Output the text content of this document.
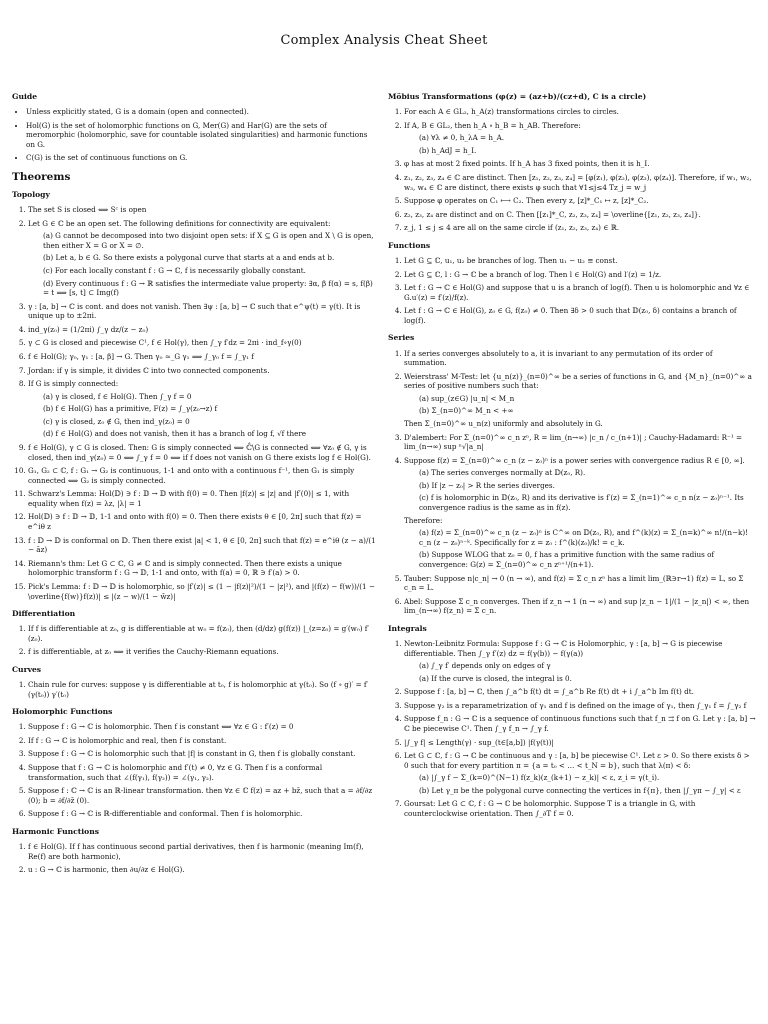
Complex Analysis Cheat Sheet
Guide
• Unless explicitly stated, G is a domain (open and connected).
• Hol(G) is the set of holomorphic functions on G, Mer(G) and Har(G) are the sets of meromorphic (holomorphic, save for countable isolated singularities) and harmonic functions on G.
• C(G) is the set of continuous functions on G.
Theorems
Topology
1. The set S is closed ⟺ Sᶜ is open
2. Let G ∈ ℂ be an open set. The following definitions for connectivity are equivalent:
(a) G cannot be decomposed into two disjoint open sets: if X ⊆ G is open and X \ G is open, then either X = G or X = ∅.
(b) Let a, b ∈ G. So there exists a polygonal curve that starts at a and ends at b.
(c) For each locally constant f : G → ℂ, f is necessarily globally constant.
(d) Every continuous f : G → ℝ satisfies the intermediate value property: ∃α, β f(α) = s, f(β) = t ⟹ [s, t] ⊂ Img(f)
3. γ : [a, b] → ℂ is cont. and does not vanish. Then ∃ψ : [a, b] → ℂ such that e^ψ(t) = γ(t). It is unique up to ±2πi.
4. ind_γ(z₀) = (1/2πi) ∫_γ dz/(z − z₀)
5. γ ⊂ G is closed and piecewise C¹, f ∈ Hol(γ), then ∫_γ f′dz = 2πi · ind_f∘γ(0)
6. f ∈ Hol(G); γ₀, γ₁ : [a, β] → G. Then γ₀ ≃_G γ₁ ⟹ ∫_γ₀ f = ∫_γ₁ f
7. Jordan: if γ is simple, it divides ℂ into two connected components.
8. If G is simply connected:
(a) γ is closed, f ∈ Hol(G). Then ∫_γ f = 0
(b) f ∈ Hol(G) has a primitive, F(z) = ∫_γ(z₀→z) f
(c) γ is closed, z₀ ∉ G, then ind_γ(z₀) = 0
(d) f ∈ Hol(G) and does not vanish, then it has a branch of log f, √f there
9. f ∈ Hol(G), γ ⊂ G is closed. Then: G is simply connected ⟺ ℂ̂\G is connected ⟺ ∀z₀ ∉ G, γ is closed, then ind_γ(z₀) = 0 ⟺ ∫_γ f = 0 ⟺ if f does not vanish on G there exists log f ∈ Hol(G).
10. G₁, G₂ ⊂ ℂ, f : G₁ → G₂ is continuous, 1-1 and onto with a continuous f⁻¹, then G₁ is simply connected ⟺ G₂ is simply connected.
11. Schwarz's Lemma: Hol(𝔻) ∋ f : 𝔻 → 𝔻 with f(0) = 0. Then |f(z)| ≤ |z| and |f′(0)| ≤ 1, with equality when f(z) = λz, |λ| = 1
12. Hol(𝔻) ∋ f : 𝔻 → 𝔻, 1-1 and onto with f(0) = 0. Then there exists θ ∈ [0, 2π] such that f(z) = e^iθ z
13. f : 𝔻 → 𝔻 is conformal on 𝔻. Then there exist |a| < 1, θ ∈ [0, 2π] such that f(z) = e^iθ (z − a)/(1 − āz)
14. Riemann's thm: Let G ⊂ ℂ, G ≠ ℂ and is simply connected. Then there exists a unique holomorphic transform f : G → 𝔻, 1-1 and onto, with f(a) = 0, ℝ ∋ f′(a) > 0.
15. Pick's Lemma: f : 𝔻 → 𝔻 is holomorphic, so |f′(z)| ≤ (1 − |f(z)|²)/(1 − |z|²), and |(f(z) − f(w))/(1 − \overline{f(w)}f(z))| ≤ |(z − w)/(1 − w̄z)|
Differentiation
1. If f is differentiable at z₀, g is differentiable at w₀ = f(z₀), then (d/dz) g(f(z)) |_(z=z₀) = g′(w₀) f′(z₀).
2. f is differentiable, at z₀ ⟺ it verifies the Cauchy-Riemann equations.
Curves
1. Chain rule for curves: suppose γ is differentiable at t₀, f is holomorphic at γ(t₀). So (f ∘ g)′ = f′(γ(t₀)) γ′(t₀)
Holomorphic Functions
1. Suppose f : G → ℂ is holomorphic. Then f is constant ⟺ ∀z ∈ G : f′(z) = 0
2. If f : G → ℂ is holomorphic and real, then f is constant.
3. Suppose f : G → ℂ is holomorphic such that |f| is constant in G, then f is globally constant.
4. Suppose that f : G → ℂ is holomorphic and f′(t) ≠ 0, ∀z ∈ G. Then f is a conformal transformation, such that ∠(f(γ₁), f(γ₂)) = ∠(γ₁, γ₂).
5. Suppose f : ℂ → ℂ is an ℝ-linear transformation. then ∀z ∈ ℂ f(z) = az + bz̄, such that a = ∂f/∂z (0); b = ∂f/∂z̄ (0).
6. Suppose f : G → ℂ is ℝ-differentiable and conformal. Then f is holomorphic.
Harmonic Functions
1. f ∈ Hol(G). If f has continuous second partial derivatives, then f is harmonic (meaning Im(f), Re(f) are both harmonic),
2. u : G → ℂ is harmonic, then ∂u/∂z ∈ Hol(G).
Möbius Transformations (φ(z) = (az+b)/(cz+d), C is a circle)
1. For each A ∈ GL₂, h_A(z) transformations circles to circles.
2. If A, B ∈ GL₂, then h_A ∘ h_B = h_AB. Therefore:
(a) ∀λ ≠ 0, h_λA = h_A.
(b) h_AdJ = h_I.
3. φ has at most 2 fixed points. If h_A has 3 fixed points, then it is h_I.
4. z₁, z₂, z₃, z₄ ∈ ℂ are distinct. Then [z₁, z₂, z₃, z₄] = [φ(z₁), φ(z₂), φ(z₃), φ(z₄)]. Therefore, if w₁, w₂, w₃, w₄ ∈ ℂ are distinct, there exists φ such that ∀1≤j≤4 Tz_j = w_j
5. Suppose φ operates on C₁ ⟼ C₂. Then every z, [z]*_C₁ ↦ z, [z]*_C₂.
6. z₂, z₃, z₄ are distinct and on C. Then [[z₁]*_C, z₂, z₃, z₄] = \overline{[z₁, z₂, z₃, z₄]}.
7. z_j, 1 ≤ j ≤ 4 are all on the same circle if (z₁, z₂, z₃, z₄) ∈ ℝ.
Functions
1. Let G ⊆ ℂ, u₁, u₂ be branches of log. Then u₁ − u₂ ≡ const.
2. Let G ⊆ ℂ, l : G → ℂ be a branch of log. Then l ∈ Hol(G) and l′(z) = 1/z.
3. Let f : G → ℂ ∈ Hol(G) and suppose that u is a branch of log(f). Then u is holomorphic and ∀z ∈ G.u′(z) = f′(z)/f(z).
4. Let f : G → ℂ ∈ Hol(G), z₀ ∈ G, f(z₀) ≠ 0. Then ∃δ > 0 such that 𝔻(z₀, δ) contains a branch of log(f).
Series
1. If a series converges absolutely to a, it is invariant to any permutation of its order of summation.
2. Weierstrass' M-Test: let {u_n(z)}_(n=0)^∞ be a series of functions in G, and {M_n}_(n=0)^∞ a series of positive numbers such that:
(a) sup_(z∈G) |u_n| < M_n
(b) Σ_(n=0)^∞ M_n < +∞
Then Σ_(n=0)^∞ u_n(z) uniformly and absolutely in G.
3. D'alembert: For Σ_(n=0)^∞ c_n zⁿ, R = lim_(n→∞) |c_n / c_(n+1)| ; Cauchy-Hadamard: R⁻¹ = lim_(n→∞) sup ⁿ√|a_n|
4. Suppose f(z) = Σ_(n=0)^∞ c_n (z − z₀)ⁿ is a power series with convergence radius R ∈ [0, ∞].
(a) The series converges normally at 𝔻(z₀, R).
(b) If |z − z₀| > R the series diverges.
(c) f is holomorphic in 𝔻(z₀, R) and its derivative is f′(z) = Σ_(n=1)^∞ c_n n(z − z₀)ⁿ⁻¹. Its convergence radius is the same as in f(z).
Therefore:
(a) f(z) = Σ_(n=0)^∞ c_n (z − z₀)ⁿ is C^∞ on 𝔻(z₀, R), and f^(k)(z) = Σ_(n=k)^∞ n!/(n−k)! c_n (z − z₀)ⁿ⁻ᵏ. Specifically for z = z₀ : f^(k)(z₀)/k! = c_k.
(b) Suppose WLOG that z₀ = 0, f has a primitive function with the same radius of convergence: G(z) = Σ_(n=0)^∞ c_n zⁿ⁺¹/(n+1).
5. Tauber: Suppose n|c_n| → 0 (n → ∞), and f(z) = Σ c_n zⁿ has a limit lim_(ℝ∋r→1) f(z) = L, so Σ c_n = L.
6. Abel: Suppose Σ c_n converges. Then if z_n → 1 (n → ∞) and sup |z_n − 1|/(1 − |z_n|) < ∞, then lim_(n→∞) f(z_n) = Σ c_n.
Integrals
1. Newton-Leibnitz Formula: Suppose f : G → ℂ is Holomorphic, γ : [a, b] → G is piecewise differentiable. Then ∫_γ f′(z) dz = f(γ(b)) − f(γ(a))
(a) ∫_γ f′ depends only on edges of γ
(a) If the curve is closed, the integral is 0.
2. Suppose f : [a, b] → ℂ, then ∫_a^b f(t) dt = ∫_a^b Re f(t) dt + i ∫_a^b Im f(t) dt.
3. Suppose γ₂ is a reparametrization of γ₁ and f is defined on the image of γ₁, then ∫_γ₁ f = ∫_γ₂ f
4. Suppose f_n : G → ℂ is a sequence of continuous functions such that f_n ⇉ f on G. Let γ : [a, b] → ℂ be piecewise C¹. Then ∫_γ f_n → ∫_γ f.
5. |∫_γ f| ≤ Length(γ) · sup_(t∈[a,b]) |f(γ(t))|
6. Let G ⊂ ℂ, f : G → ℂ be continuous and γ : [a, b] be piecewise C¹. Let ε > 0. So there exists δ > 0 such that for every partition π = {a = t₀ < … < t_N = b}, such that λ(π) < δ:
(a) |∫_γ f − Σ_(k=0)^(N−1) f(z_k)(z_(k+1) − z_k)| < ε, z_i = γ(t_i).
(b) Let γ_π be the polygonal curve connecting the vertices in f{π}, then |∫_γπ − ∫_γ| < ε
7. Goursat: Let G ⊂ ℂ, f : G → ℂ be holomorphic. Suppose T is a triangle in G, with counterclockwise orientation. Then ∫_∂T f = 0.
